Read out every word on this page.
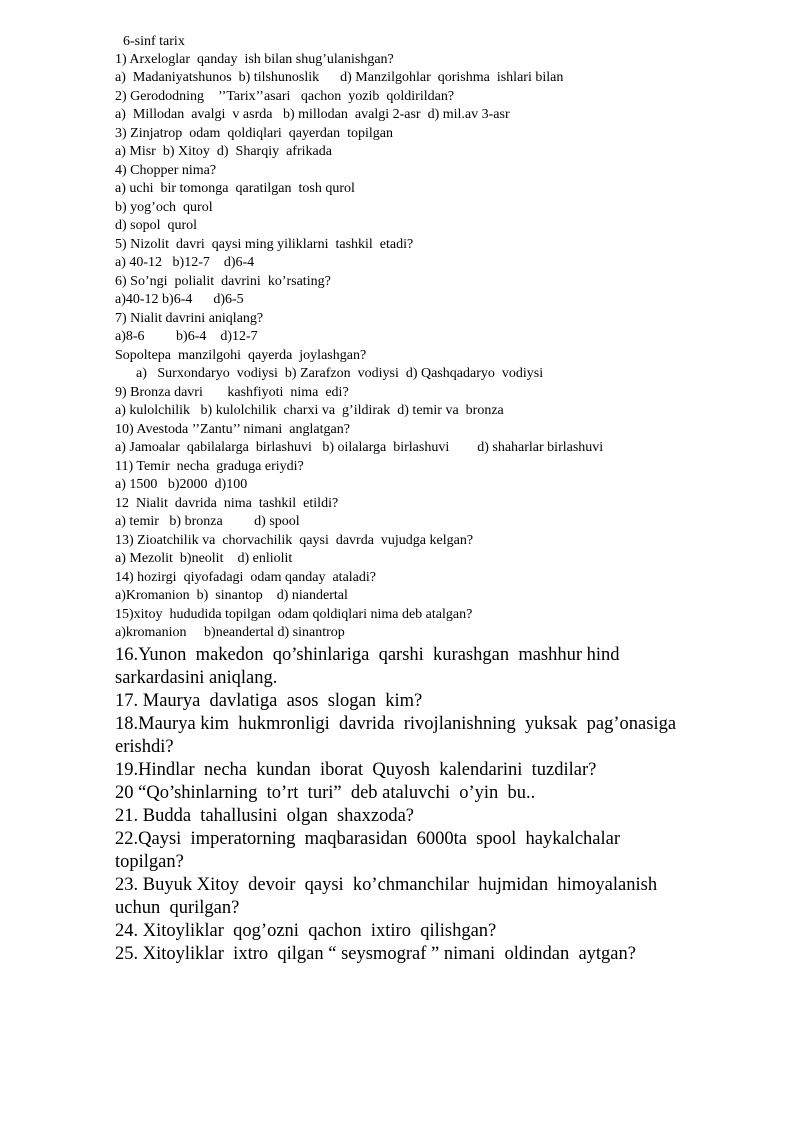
6-sinf tarix
1) Arxeloglar  qanday  ish bilan shug’ulanishgan?
a)  Madaniyatshunos  b) tilshunoslik      d) Manzilgohlar  qorishma  ishlari bilan
2) Gerododning    ’’Tarix’’asari   qachon  yozib  qoldirildan?
a)  Millodan  avalgi  v asrda   b) millodan  avalgi 2-asr  d) mil.av 3-asr
3) Zinjatrop  odam  qoldiqlari  qayerdan  topilgan
a) Misr  b) Xitoy  d)  Sharqiy  afrikada
4) Chopper nima?
a) uchi  bir tomonga  qaratilgan  tosh qurol
b) yog’och  qurol
d) sopol  qurol
5) Nizolit  davri  qaysi ming yiliklarni  tashkil  etadi?
a) 40-12   b)12-7    d)6-4
6) So’ngi  polialit  davrini  ko’rsating?
a)40-12 b)6-4      d)6-5
7) Nialit davrini aniqlang?
a)8-6         b)6-4    d)12-7
Sopoltepa  manzilgohi  qayerda  joylashgan?
a)   Surxondaryo  vodiysi  b) Zarafzon  vodiysi  d) Qashqadaryo  vodiysi
9) Bronza davri       kashfiyoti  nima  edi?
a) kulolchilik   b) kulolchilik  charxi va  g’ildirak  d) temir va  bronza
10) Avestoda ’’Zantu’’ nimani  anglatgan?
a) Jamoalar  qabilalarga  birlashuvi   b) oilalarga  birlashuvi        d) shaharlar birlashuvi
11) Temir  necha  graduga eriydi?
a) 1500   b)2000  d)100
12  Nialit  davrida  nima  tashkil  etildi?
a) temir   b) bronza         d) spool
13) Zioatchilik va  chorvachilik  qaysi  davrda  vujudga kelgan?
a) Mezolit  b)neolit    d) enliolit
14) hozirgi  qiyofadagi  odam qanday  ataladi?
a)Kromanion  b)  sinantop    d) niandertal
15)xitoy  hududida topilgan  odam qoldiqlari nima deb atalgan?
a)kromanion     b)neandertal d) sinantrop
16.Yunon  makedon  qo’shinlariga  qarshi  kurashgan  mashhur hind
sarkardasini aniqlang.
17. Maurya  davlatiga  asos  slogan  kim?
18.Maurya kim  hukmronligi  davrida  rivojlanishning  yuksak  pag’onasiga
erishdi?
19.Hindlar  necha  kundan  iborat  Quyosh  kalendarini  tuzdilar?
20 “Qo’shinlarning  to’rt  turi”  deb ataluvchi  o’yin  bu..
21. Budda  tahallusini  olgan  shaxzoda?
22.Qaysi  imperatorning  maqbarasidan  6000ta  spool  haykalchalar
topilgan?
23. Buyuk Xitoy  devoir  qaysi  ko’chmanchilar  hujmidan  himoyalanish
uchun  qurilgan?
24. Xitoyliklar  qog’ozni  qachon  ixtiro  qilishgan?
25. Xitoyliklar  ixtro  qilgan “ seysmograf ” nimani  oldindan  aytgan?
